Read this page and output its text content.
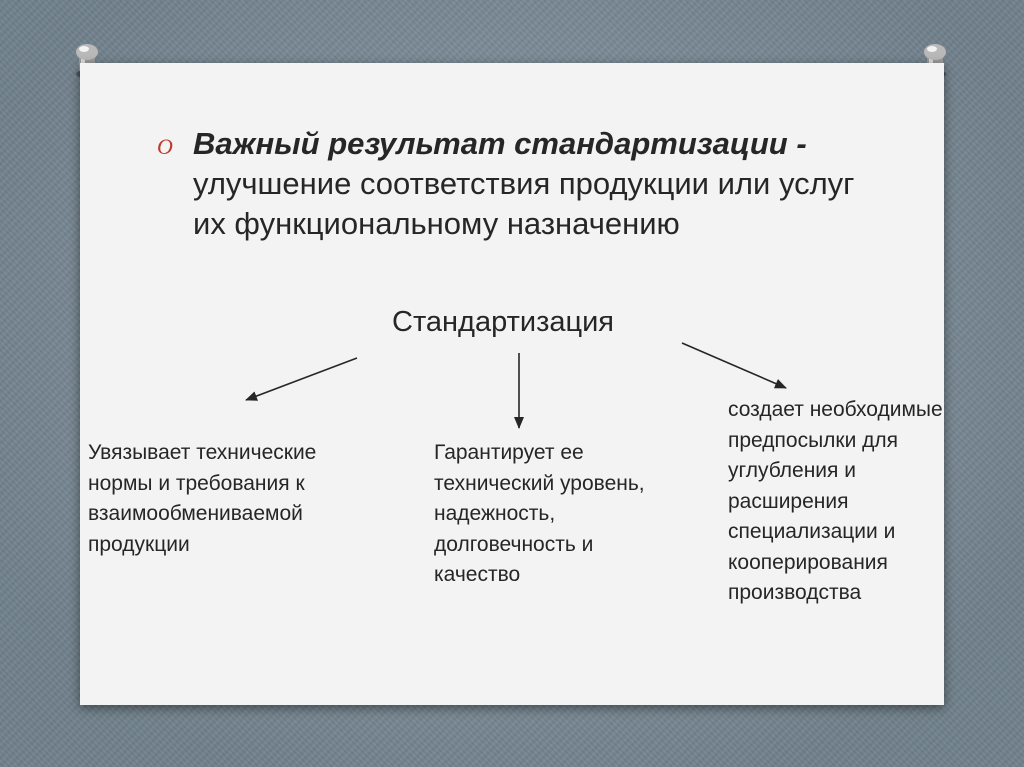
O Важный результат стандартизации -
улучшение соответствия продукции или услуг их функциональному назначению
Стандартизация
Увязывает технические нормы и требования к взаимообмениваемой продукции
Гарантирует ее технический уровень, надежность, долговечность и качество
создает необходимые предпосылки для углубления и расширения специализации и кооперирования производства
